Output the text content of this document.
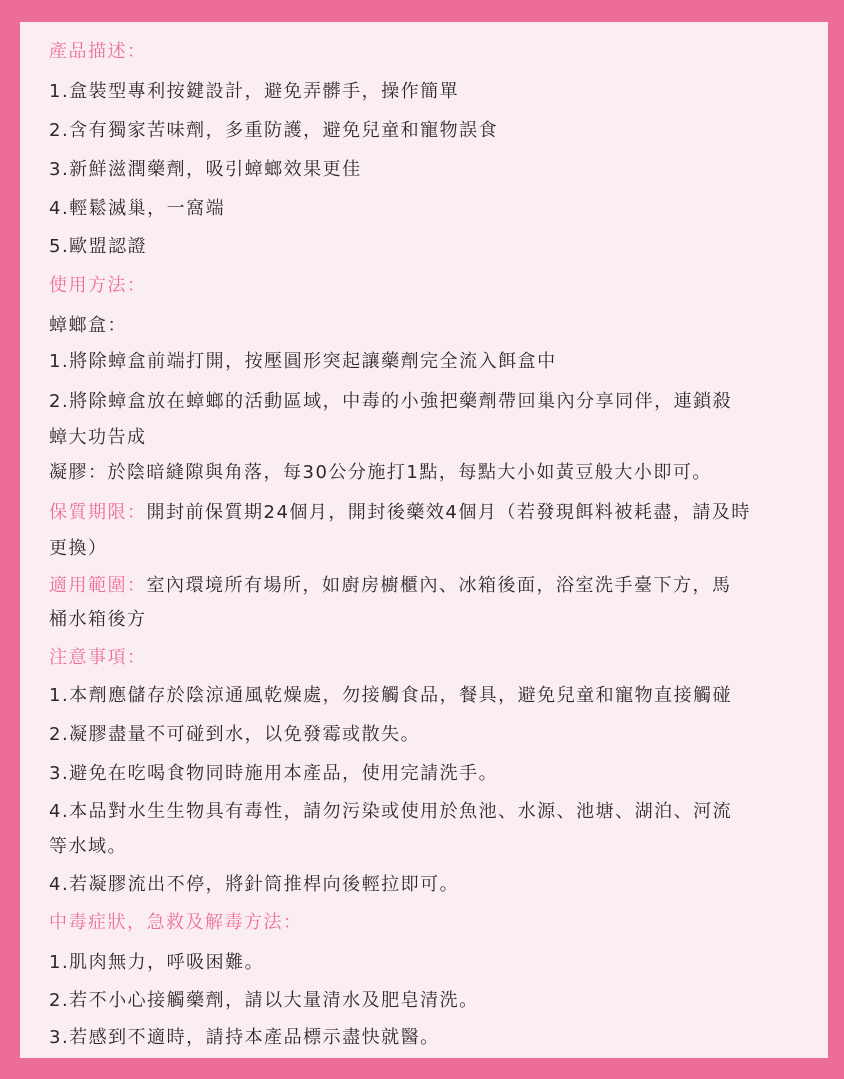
產品描述：
1.盒裝型專利按鍵設計，避免弄髒手，操作簡單
2.含有獨家苦味劑，多重防護，避免兒童和寵物誤食
3.新鮮滋潤藥劑，吸引蟑螂效果更佳
4.輕鬆滅巢，一窩端
5.歐盟認證
使用方法：
蟑螂盒：
1.將除蟑盒前端打開，按壓圓形突起讓藥劑完全流入餌盒中
2.將除蟑盒放在蟑螂的活動區域，中毒的小強把藥劑帶回巢內分享同伴，連鎖殺
蟑大功告成
凝膠：於陰暗縫隙與角落，每30公分施打1點，每點大小如黃豆般大小即可。
保質期限：開封前保質期24個月，開封後藥效4個月（若發現餌料被耗盡，請及時
更換）
適用範圍：室內環境所有場所，如廚房櫥櫃內、冰箱後面，浴室洗手臺下方，馬
桶水箱後方
注意事項：
1.本劑應儲存於陰涼通風乾燥處，勿接觸食品，餐具，避免兒童和寵物直接觸碰
2.凝膠盡量不可碰到水，以免發霉或散失。
3.避免在吃喝食物同時施用本產品，使用完請洗手。
4.本品對水生生物具有毒性，請勿污染或使用於魚池、水源、池塘、湖泊、河流
等水域。
4.若凝膠流出不停，將針筒推桿向後輕拉即可。
中毒症狀，急救及解毒方法：
1.肌肉無力，呼吸困難。
2.若不小心接觸藥劑，請以大量清水及肥皂清洗。
3.若感到不適時，請持本產品標示盡快就醫。
